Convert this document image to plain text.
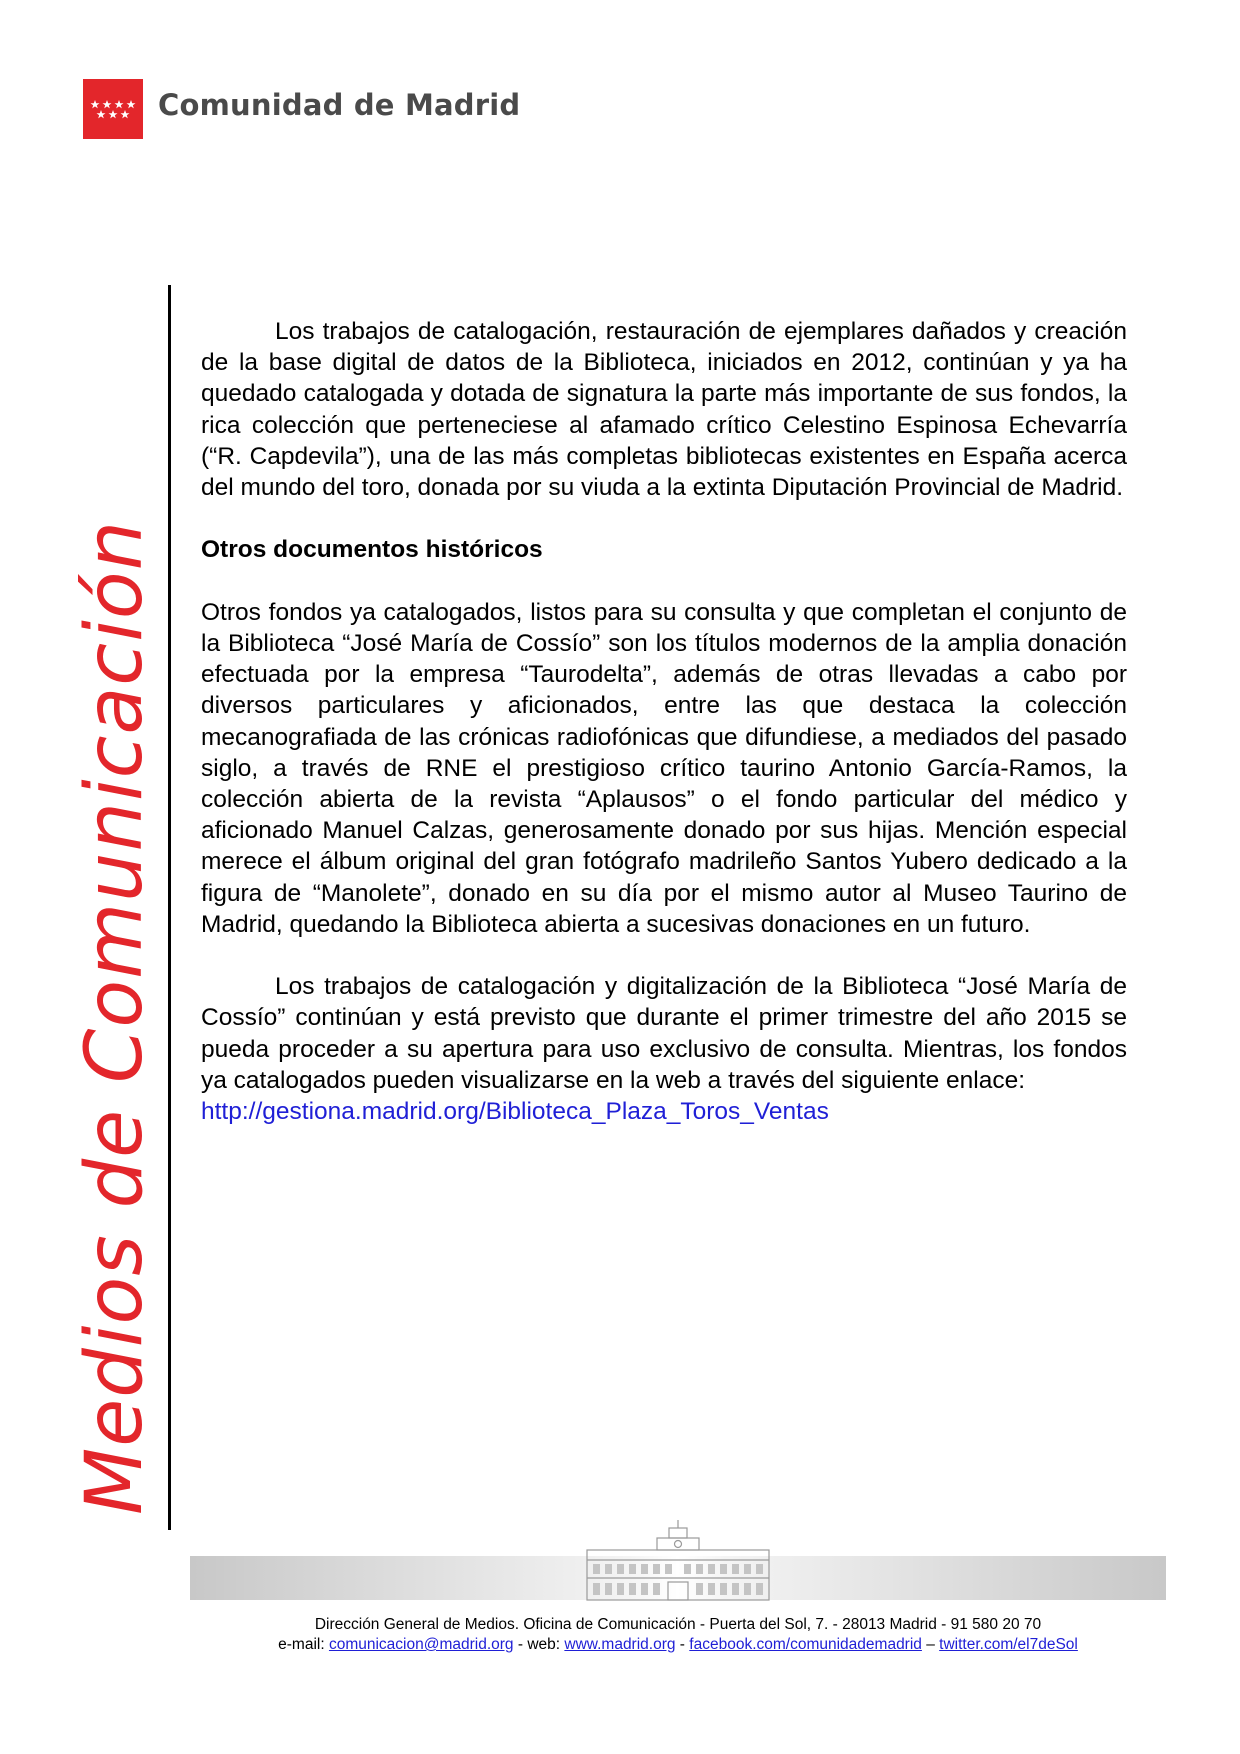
Comunidad de Madrid
Medios de Comunicación

Los trabajos de catalogación, restauración de ejemplares dañados y creación de la base digital de datos de la Biblioteca, iniciados en 2012, continúan y ya ha quedado catalogada y dotada de signatura la parte más importante de sus fondos, la rica colección que perteneciese al afamado crítico Celestino Espinosa Echevarría (“R. Capdevila”), una de las más completas bibliotecas existentes en España acerca del mundo del toro, donada por su viuda a la extinta Diputación Provincial de Madrid.

Otros documentos históricos

Otros fondos ya catalogados, listos para su consulta y que completan el conjunto de la Biblioteca “José María de Cossío” son los títulos modernos de la amplia donación efectuada por la empresa “Taurodelta”, además de otras llevadas a cabo por diversos particulares y aficionados, entre las que destaca la colección mecanografiada de las crónicas radiofónicas que difundiese, a mediados del pasado siglo, a través de RNE el prestigioso crítico taurino Antonio García-Ramos, la colección abierta de la revista “Aplausos” o el fondo particular del médico y aficionado Manuel Calzas, generosamente donado por sus hijas. Mención especial merece el álbum original del gran fotógrafo madrileño Santos Yubero dedicado a la figura de “Manolete”, donado en su día por el mismo autor al Museo Taurino de Madrid, quedando la Biblioteca abierta a sucesivas donaciones en un futuro.

Los trabajos de catalogación y digitalización de la Biblioteca “José María de Cossío” continúan y está previsto que durante el primer trimestre del año 2015 se pueda proceder a su apertura para uso exclusivo de consulta. Mientras, los fondos ya catalogados pueden visualizarse en la web a través del siguiente enlace:
http://gestiona.madrid.org/Biblioteca_Plaza_Toros_Ventas

Dirección General de Medios. Oficina de Comunicación - Puerta del Sol, 7. - 28013 Madrid - 91 580 20 70
e-mail: comunicacion@madrid.org - web: www.madrid.org - facebook.com/comunidademadrid – twitter.com/el7deSol
